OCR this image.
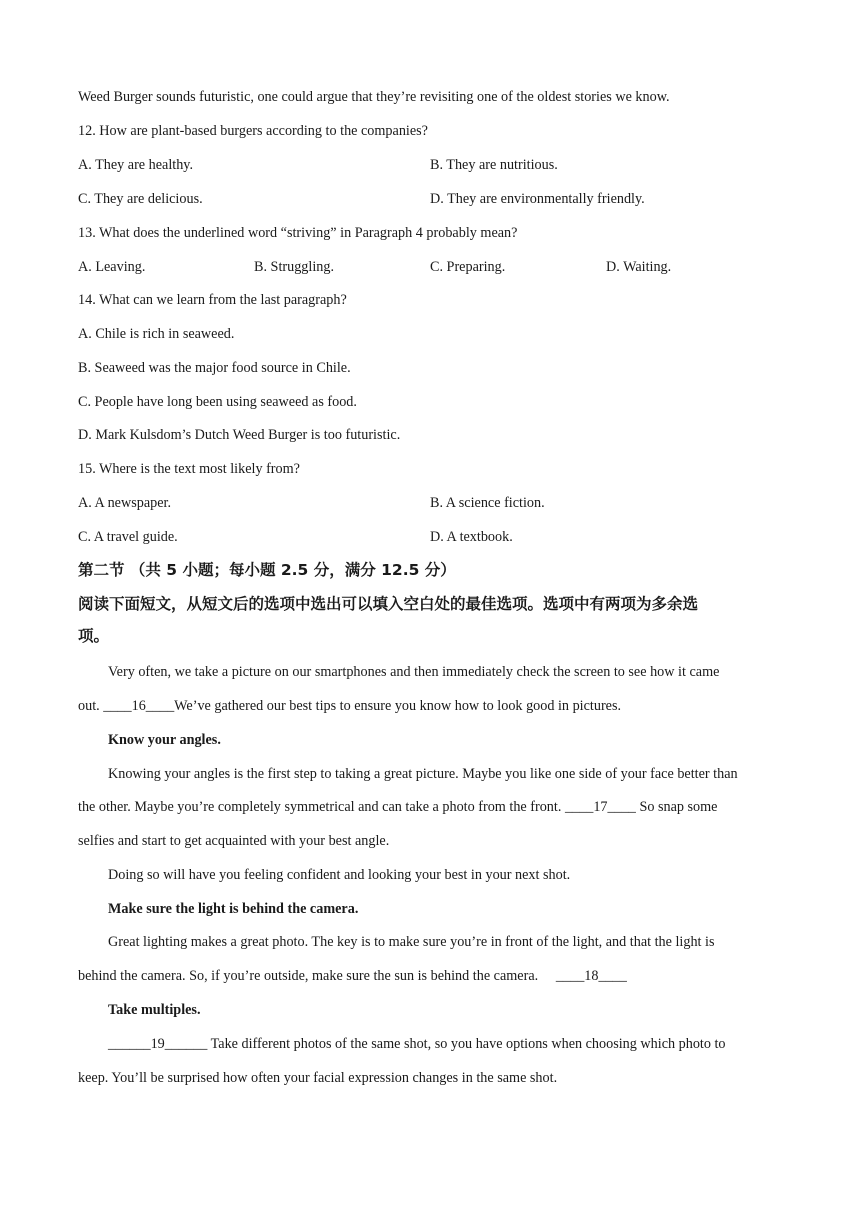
Weed Burger sounds futuristic, one could argue that they’re revisiting one of the oldest stories we know.
12. How are plant-based burgers according to the companies?
A. They are healthy.	B. They are nutritious.
C. They are delicious.	D. They are environmentally friendly.
13. What does the underlined word “striving” in Paragraph 4 probably mean?
A. Leaving.	B. Struggling.	C. Preparing.	D. Waiting.
14. What can we learn from the last paragraph?
A. Chile is rich in seaweed.
B. Seaweed was the major food source in Chile.
C. People have long been using seaweed as food.
D. Mark Kulsdom’s Dutch Weed Burger is too futuristic.
15. Where is the text most likely from?
A. A newspaper.	B. A science fiction.
C. A travel guide.	D. A textbook.
第二节 （共 5 小题；每小题 2.5 分，满分 12.5 分）
阅读下面短文，从短文后的选项中选出可以填入空白处的最佳选项。选项中有两项为多余选
项。
Very often, we take a picture on our smartphones and then immediately check the screen to see how it came
out. ____16____We’ve gathered our best tips to ensure you know how to look good in pictures.
Know your angles.
Knowing your angles is the first step to taking a great picture. Maybe you like one side of your face better than
the other. Maybe you’re completely symmetrical and can take a photo from the front. ____17____ So snap some
selfies and start to get acquainted with your best angle.
Doing so will have you feeling confident and looking your best in your next shot.
Make sure the light is behind the camera.
Great lighting makes a great photo. The key is to make sure you’re in front of the light, and that the light is
behind the camera. So, if you’re outside, make sure the sun is behind the camera.     ____18____
Take multiples.
______19______ Take different photos of the same shot, so you have options when choosing which photo to
keep. You’ll be surprised how often your facial expression changes in the same shot.
